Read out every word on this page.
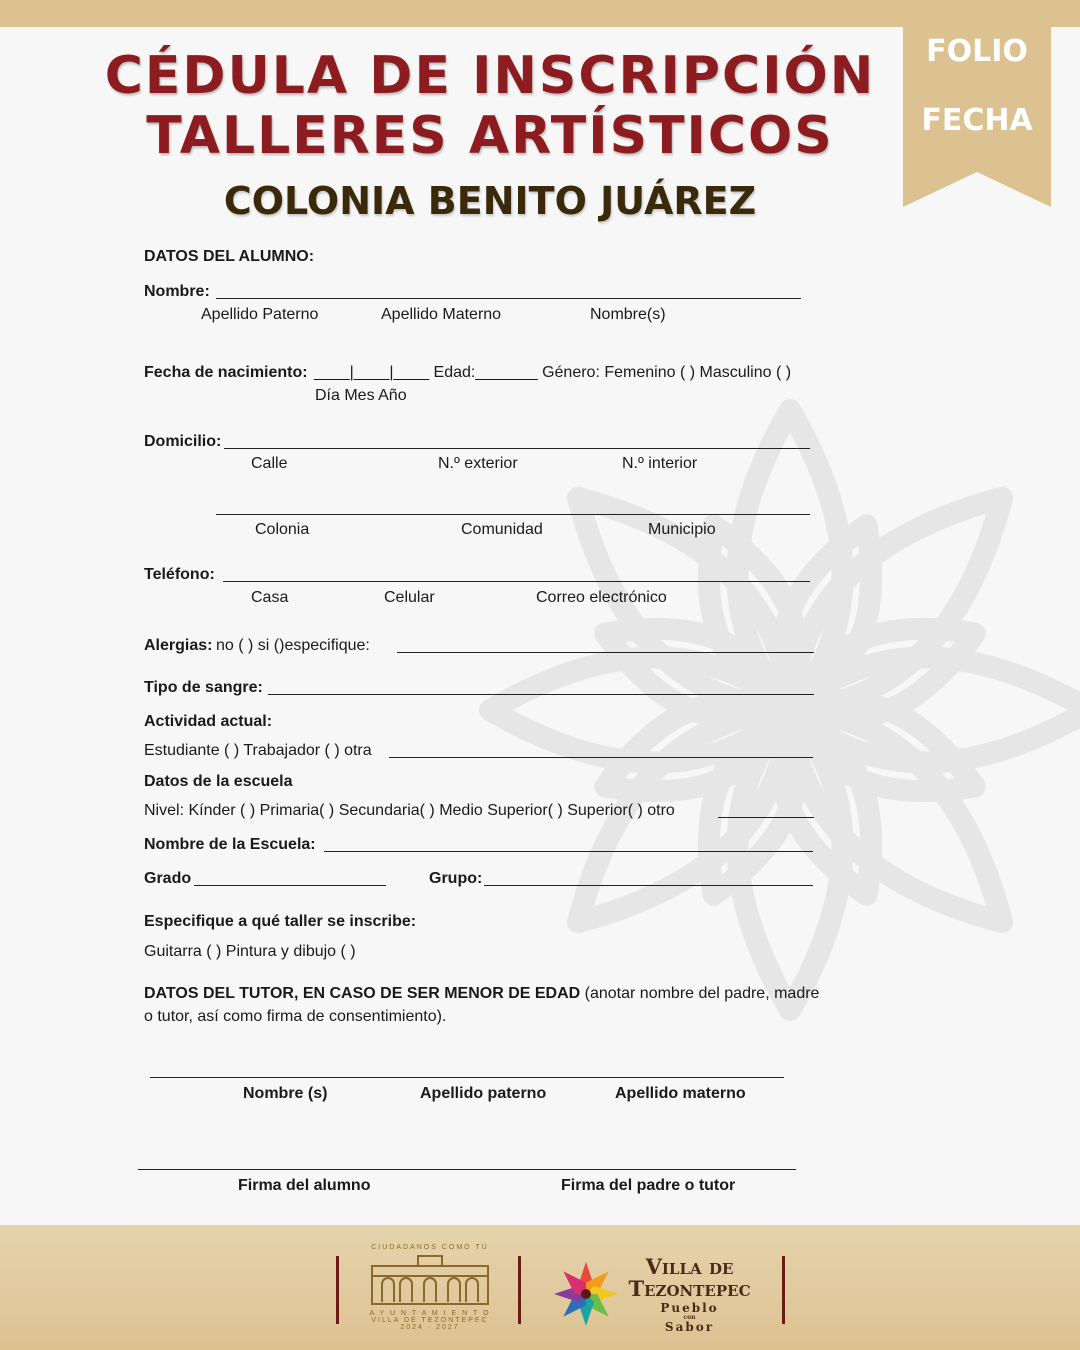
FOLIO
FECHA
CÉDULA DE INSCRIPCIÓN
TALLERES ARTÍSTICOS
COLONIA BENITO JUÁREZ
DATOS DEL ALUMNO:
Nombre:
Apellido Paterno	Apellido Materno	Nombre(s)
Fecha de nacimiento: ____|____|____ Edad:_______ Género: Femenino ( ) Masculino ( )
Día Mes Año
Domicilio:
Calle	N.º exterior	N.º interior
Colonia	Comunidad	Municipio
Teléfono:
Casa	Celular	Correo electrónico
Alergias: no ( ) si ()especifique:
Tipo de sangre:
Actividad actual:
Estudiante ( ) Trabajador ( ) otra
Datos de la escuela
Nivel: Kínder ( ) Primaria( ) Secundaria( ) Medio Superior( ) Superior( ) otro
Nombre de la Escuela:
Grado	Grupo:
Especifique a qué taller se inscribe:
Guitarra ( ) Pintura y dibujo ( )
DATOS DEL TUTOR, EN CASO DE SER MENOR DE EDAD (anotar nombre del padre, madre
o tutor, así como firma de consentimiento).
Nombre (s)	Apellido paterno	Apellido materno
Firma del alumno	Firma del padre o tutor
CIUDADANOS COMO TÚ
A Y U N T A M I E N T O
VILLA DE TEZONTEPEC
2024 · 2027
Villa de
Tezontepec
Pueblo
con
Sabor
